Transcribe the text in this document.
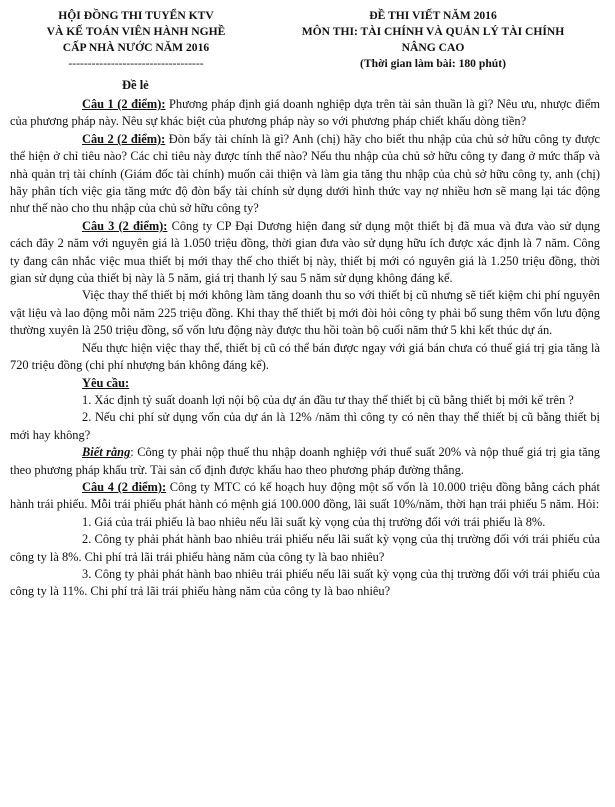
HỘI ĐỒNG THI TUYỂN KTV
VÀ KẾ TOÁN VIÊN HÀNH NGHỀ
CẤP NHÀ NƯỚC NĂM 2016
-----------------------------------
ĐỀ THI VIẾT NĂM 2016
MÔN THI: TÀI CHÍNH VÀ QUẢN LÝ TÀI CHÍNH
NÂNG CAO
(Thời gian làm bài: 180 phút)
Đề lẻ

Câu 1 (2 điểm): Phương pháp định giá doanh nghiệp dựa trên tài sản thuần là gì? Nêu ưu, nhược điểm của phương pháp này. Nêu sự khác biệt của phương pháp này so với phương pháp chiết khấu dòng tiền?

Câu 2 (2 điểm): Đòn bẩy tài chính là gì? Anh (chị) hãy cho biết thu nhập của chủ sở hữu công ty được thể hiện ở chỉ tiêu nào? Các chỉ tiêu này được tính thế nào? Nếu thu nhập của chủ sở hữu công ty đang ở mức thấp và nhà quản trị tài chính (Giám đốc tài chính) muốn cải thiện và làm gia tăng thu nhập của chủ sở hữu công ty, anh (chị) hãy phân tích việc gia tăng mức độ đòn bẩy tài chính sử dụng dưới hình thức vay nợ nhiều hơn sẽ mang lại tác động như thế nào cho thu nhập của chủ sở hữu công ty?

Câu 3 (2 điểm): Công ty CP Đại Dương hiện đang sử dụng một thiết bị đã mua và đưa vào sử dụng cách đây 2 năm với nguyên giá là 1.050 triệu đồng, thời gian đưa vào sử dụng hữu ích được xác định là 7 năm. Công ty đang cân nhắc việc mua thiết bị mới thay thế cho thiết bị này, thiết bị mới có nguyên giá là 1.250 triệu đồng, thời gian sử dụng của thiết bị này là 5 năm, giá trị thanh lý sau 5 năm sử dụng không đáng kể.

Việc thay thế thiết bị mới không làm tăng doanh thu so với thiết bị cũ nhưng sẽ tiết kiệm chi phí nguyên vật liệu và lao động mỗi năm 225 triệu đồng. Khi thay thế thiết bị mới đòi hỏi công ty phải bổ sung thêm vốn lưu động thường xuyên là 250 triệu đồng, số vốn lưu động này được thu hồi toàn bộ cuối năm thứ 5 khi kết thúc dự án.

Nếu thực hiện việc thay thế, thiết bị cũ có thể bán được ngay với giá bán chưa có thuế giá trị gia tăng là 720 triệu đồng (chi phí nhượng bán không đáng kể).

Yêu cầu:

1. Xác định tỷ suất doanh lợi nội bộ của dự án đầu tư thay thế thiết bị cũ bằng thiết bị mới kể trên ?

2. Nếu chi phí sử dụng vốn của dự án là 12% /năm thì công ty có nên thay thế thiết bị cũ bằng thiết bị mới hay không?

Biết rằng: Công ty phải nộp thuế thu nhập doanh nghiệp với thuế suất 20% và nộp thuế giá trị gia tăng theo phương pháp khấu trừ. Tài sản cố định được khấu hao theo phương pháp đường thẳng.

Câu 4 (2 điểm): Công ty MTC có kế hoạch huy động một số vốn là 10.000 triệu đồng bằng cách phát hành trái phiếu. Mỗi trái phiếu phát hành có mệnh giá 100.000 đồng, lãi suất 10%/năm, thời hạn trái phiếu 5 năm. Hỏi:

1. Giá của trái phiếu là bao nhiêu nếu lãi suất kỳ vọng của thị trường đối với trái phiếu là 8%.

2. Công ty phải phát hành bao nhiêu trái phiếu nếu lãi suất kỳ vọng của thị trường đối với trái phiếu của công ty là 8%. Chi phí trả lãi trái phiếu hàng năm của công ty là bao nhiêu?

3. Công ty phải phát hành bao nhiêu trái phiếu nếu lãi suất kỳ vọng của thị trường đối với trái phiếu của công ty là 11%. Chi phí trả lãi trái phiếu hàng năm của công ty là bao nhiêu?
